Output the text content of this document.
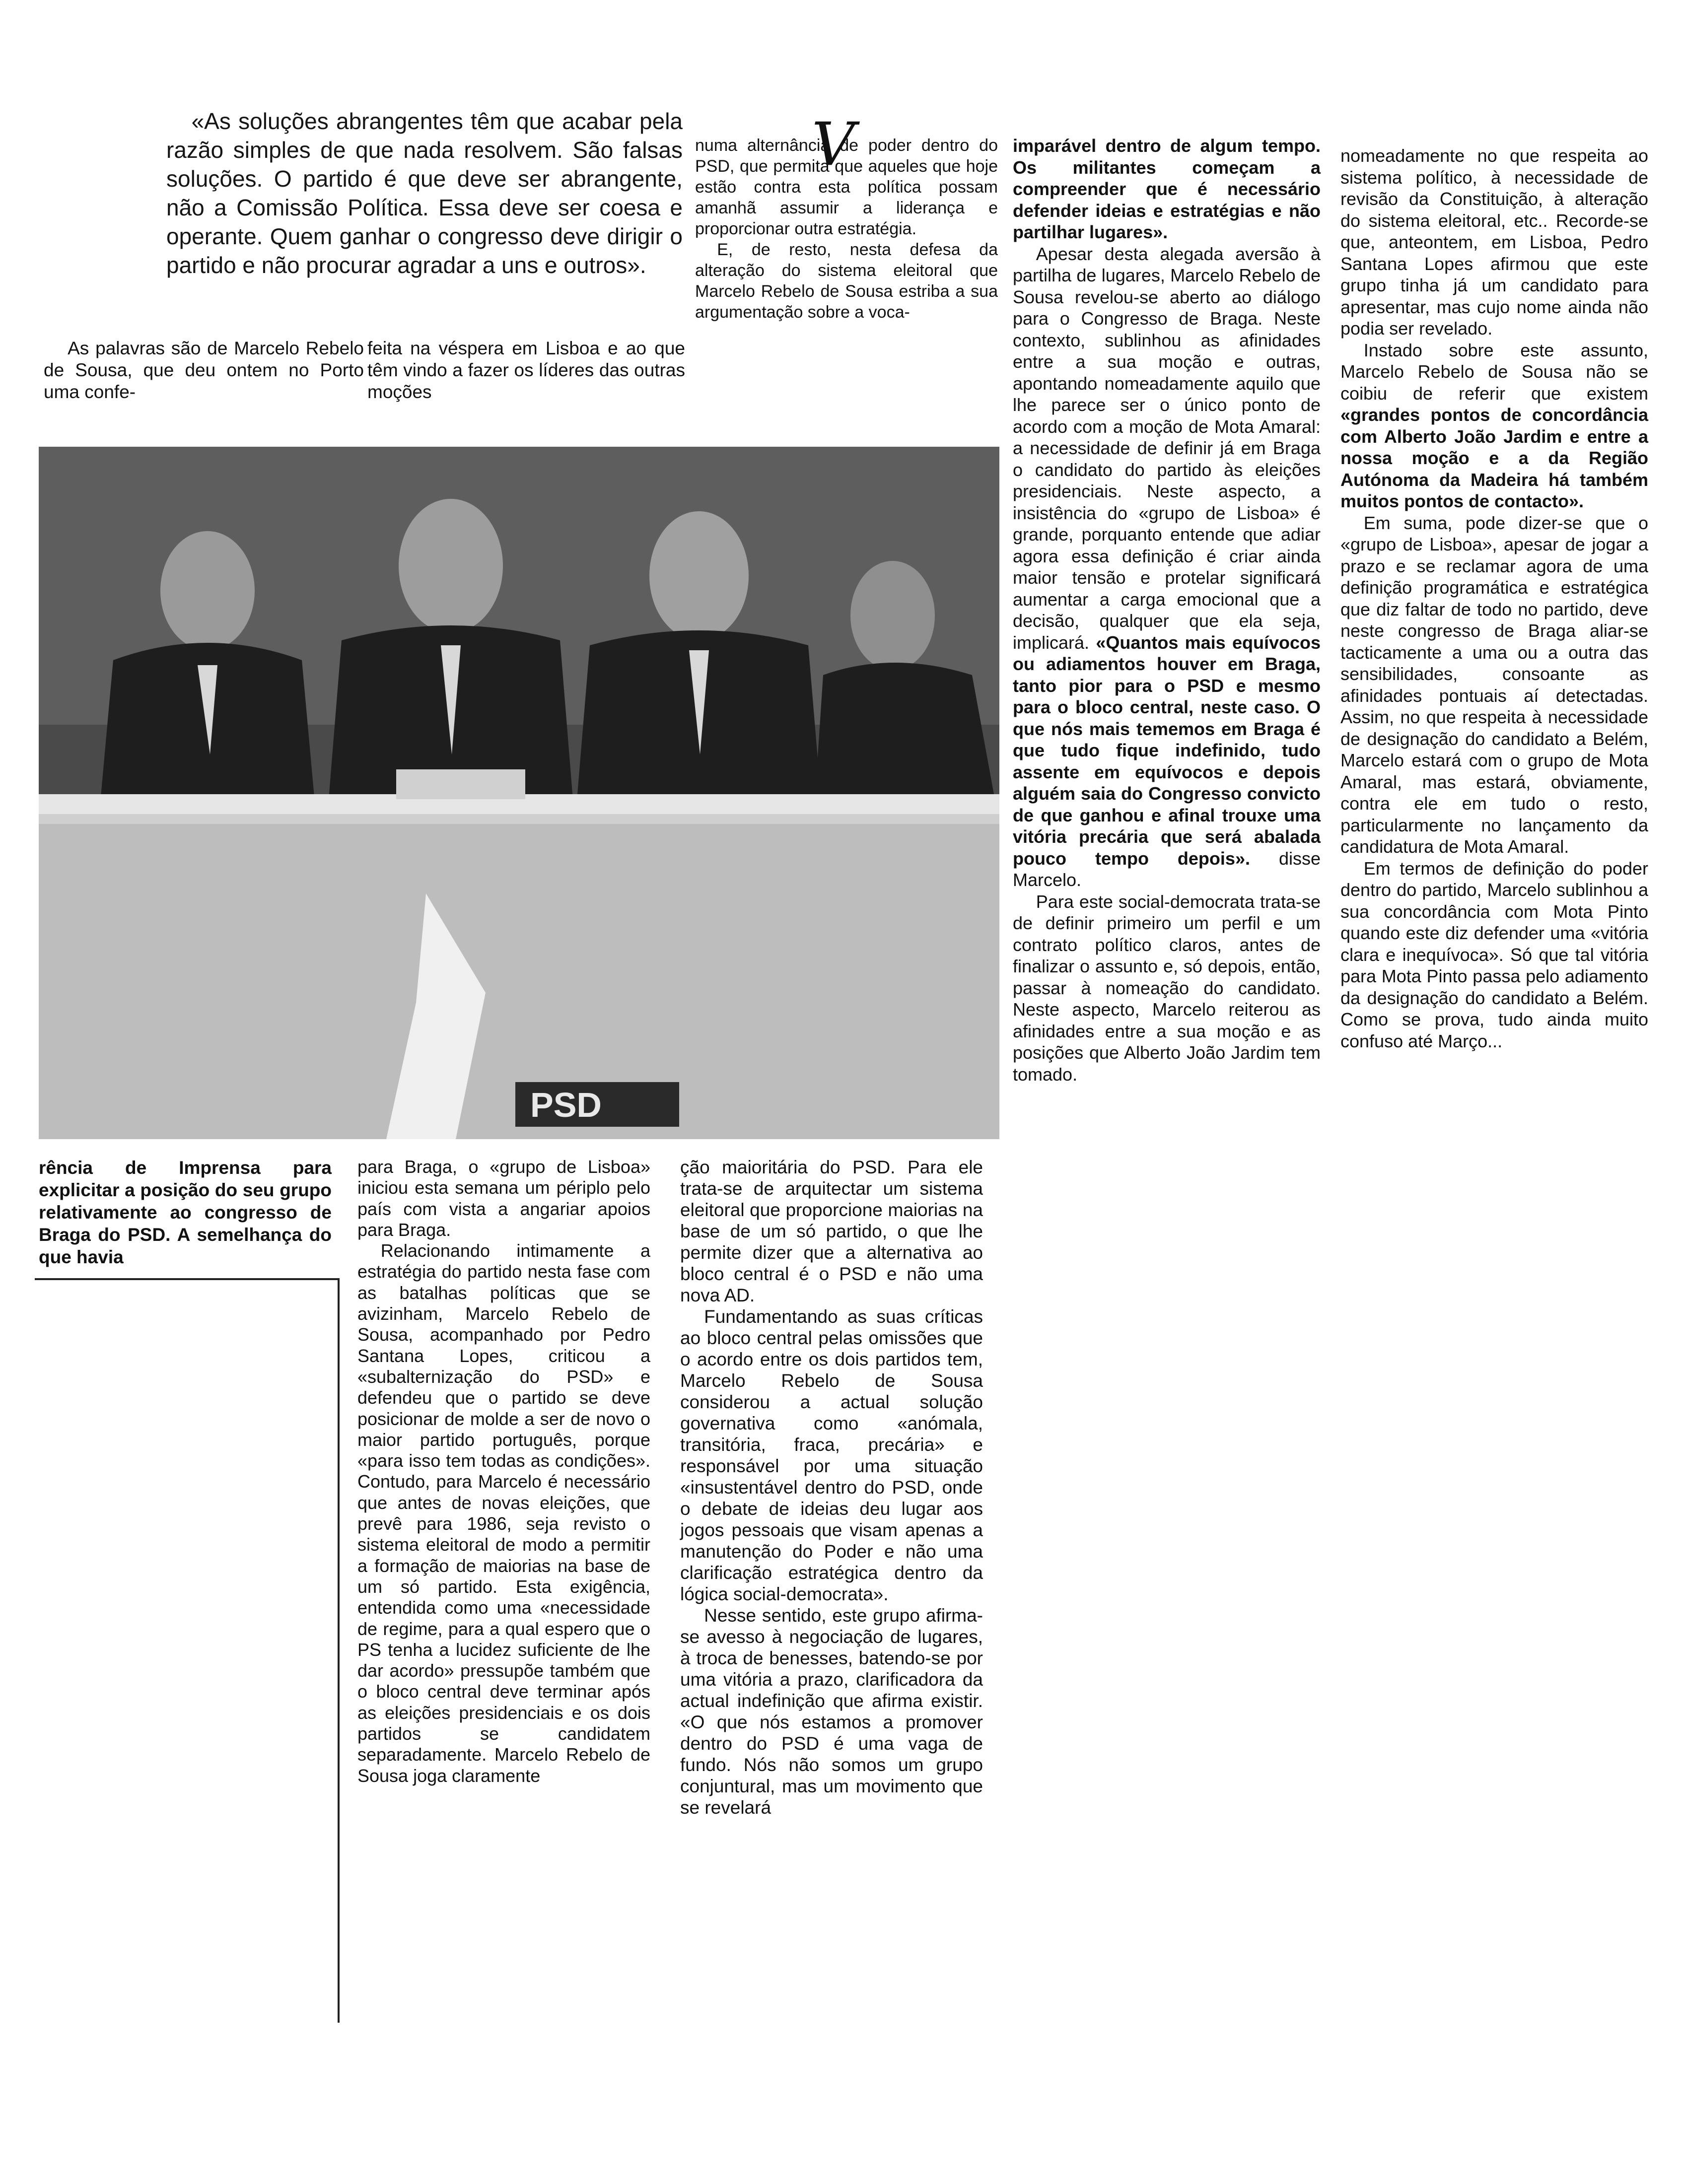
«As soluções abrangentes têm que acabar pela razão simples de que nada resolvem. São falsas soluções. O partido é que deve ser abrangente, não a Comissão Política. Essa deve ser coesa e operante. Quem ganhar o congresso deve dirigir o partido e não procurar agradar a uns e outros».

As palavras são de Marcelo Rebelo de Sousa, que deu ontem no Porto uma confe-

feita na véspera em Lisboa e ao que têm vindo a fazer os líderes das outras moções

numa alternância de poder dentro do PSD, que permita que aqueles que hoje estão contra esta política possam amanhã assumir a liderança e proporcionar outra estratégia.

E, de resto, nesta defesa da alteração do sistema eleitoral que Marcelo Rebelo de Sousa estriba a sua argumentação sobre a voca-

V
PSD

imparável dentro de algum tempo. Os militantes começam a compreender que é necessário defender ideias e estratégias e não partilhar lugares».

Apesar desta alegada aversão à partilha de lugares, Marcelo Rebelo de Sousa revelou-se aberto ao diálogo para o Congresso de Braga. Neste contexto, sublinhou as afinidades entre a sua moção e outras, apontando nomeadamente aquilo que lhe parece ser o único ponto de acordo com a moção de Mota Amaral: a necessidade de definir já em Braga o candidato do partido às eleições presidenciais. Neste aspecto, a insistência do «grupo de Lisboa» é grande, porquanto entende que adiar agora essa definição é criar ainda maior tensão e protelar significará aumentar a carga emocional que a decisão, qualquer que ela seja, implicará. «Quantos mais equívocos ou adiamentos houver em Braga, tanto pior para o PSD e mesmo para o bloco central, neste caso. O que nós mais tememos em Braga é que tudo fique indefinido, tudo assente em equívocos e depois alguém saia do Congresso convicto de que ganhou e afinal trouxe uma vitória precária que será abalada pouco tempo depois». disse Marcelo.

Para este social-democrata trata-se de definir primeiro um perfil e um contrato político claros, antes de finalizar o assunto e, só depois, então, passar à nomeação do candidato. Neste aspecto, Marcelo reiterou as afinidades entre a sua moção e as posições que Alberto João Jardim tem tomado.

nomeadamente no que respeita ao sistema político, à necessidade de revisão da Constituição, à alteração do sistema eleitoral, etc.. Recorde-se que, anteontem, em Lisboa, Pedro Santana Lopes afirmou que este grupo tinha já um candidato para apresentar, mas cujo nome ainda não podia ser revelado.

Instado sobre este assunto, Marcelo Rebelo de Sousa não se coibiu de referir que existem «grandes pontos de concordância com Alberto João Jardim e entre a nossa moção e a da Região Autónoma da Madeira há também muitos pontos de contacto».

Em suma, pode dizer-se que o «grupo de Lisboa», apesar de jogar a prazo e se reclamar agora de uma definição programática e estratégica que diz faltar de todo no partido, deve neste congresso de Braga aliar-se tacticamente a uma ou a outra das sensibilidades, consoante as afinidades pontuais aí detectadas. Assim, no que respeita à necessidade de designação do candidato a Belém, Marcelo estará com o grupo de Mota Amaral, mas estará, obviamente, contra ele em tudo o resto, particularmente no lançamento da candidatura de Mota Amaral.

Em termos de definição do poder dentro do partido, Marcelo sublinhou a sua concordância com Mota Pinto quando este diz defender uma «vitória clara e inequívoca». Só que tal vitória para Mota Pinto passa pelo adiamento da designação do candidato a Belém. Como se prova, tudo ainda muito confuso até Março...

rência de Imprensa para explicitar a posição do seu grupo relativamente ao congresso de Braga do PSD. A semelhança do que havia

para Braga, o «grupo de Lisboa» iniciou esta semana um périplo pelo país com vista a angariar apoios para Braga.

Relacionando intimamente a estratégia do partido nesta fase com as batalhas políticas que se avizinham, Marcelo Rebelo de Sousa, acompanhado por Pedro Santana Lopes, criticou a «subalternização do PSD» e defendeu que o partido se deve posicionar de molde a ser de novo o maior partido português, porque «para isso tem todas as condições». Contudo, para Marcelo é necessário que antes de novas eleições, que prevê para 1986, seja revisto o sistema eleitoral de modo a permitir a formação de maiorias na base de um só partido. Esta exigência, entendida como uma «necessidade de regime, para a qual espero que o PS tenha a lucidez suficiente de lhe dar acordo» pressupõe também que o bloco central deve terminar após as eleições presidenciais e os dois partidos se candidatem separadamente. Marcelo Rebelo de Sousa joga claramente

ção maioritária do PSD. Para ele trata-se de arquitectar um sistema eleitoral que proporcione maiorias na base de um só partido, o que lhe permite dizer que a alternativa ao bloco central é o PSD e não uma nova AD.

Fundamentando as suas críticas ao bloco central pelas omissões que o acordo entre os dois partidos tem, Marcelo Rebelo de Sousa considerou a actual solução governativa como «anómala, transitória, fraca, precária» e responsável por uma situação «insustentável dentro do PSD, onde o debate de ideias deu lugar aos jogos pessoais que visam apenas a manutenção do Poder e não uma clarificação estratégica dentro da lógica social-democrata».

Nesse sentido, este grupo afirma-se avesso à negociação de lugares, à troca de benesses, batendo-se por uma vitória a prazo, clarificadora da actual indefinição que afirma existir. «O que nós estamos a promover dentro do PSD é uma vaga de fundo. Nós não somos um grupo conjuntural, mas um movimento que se revelará
